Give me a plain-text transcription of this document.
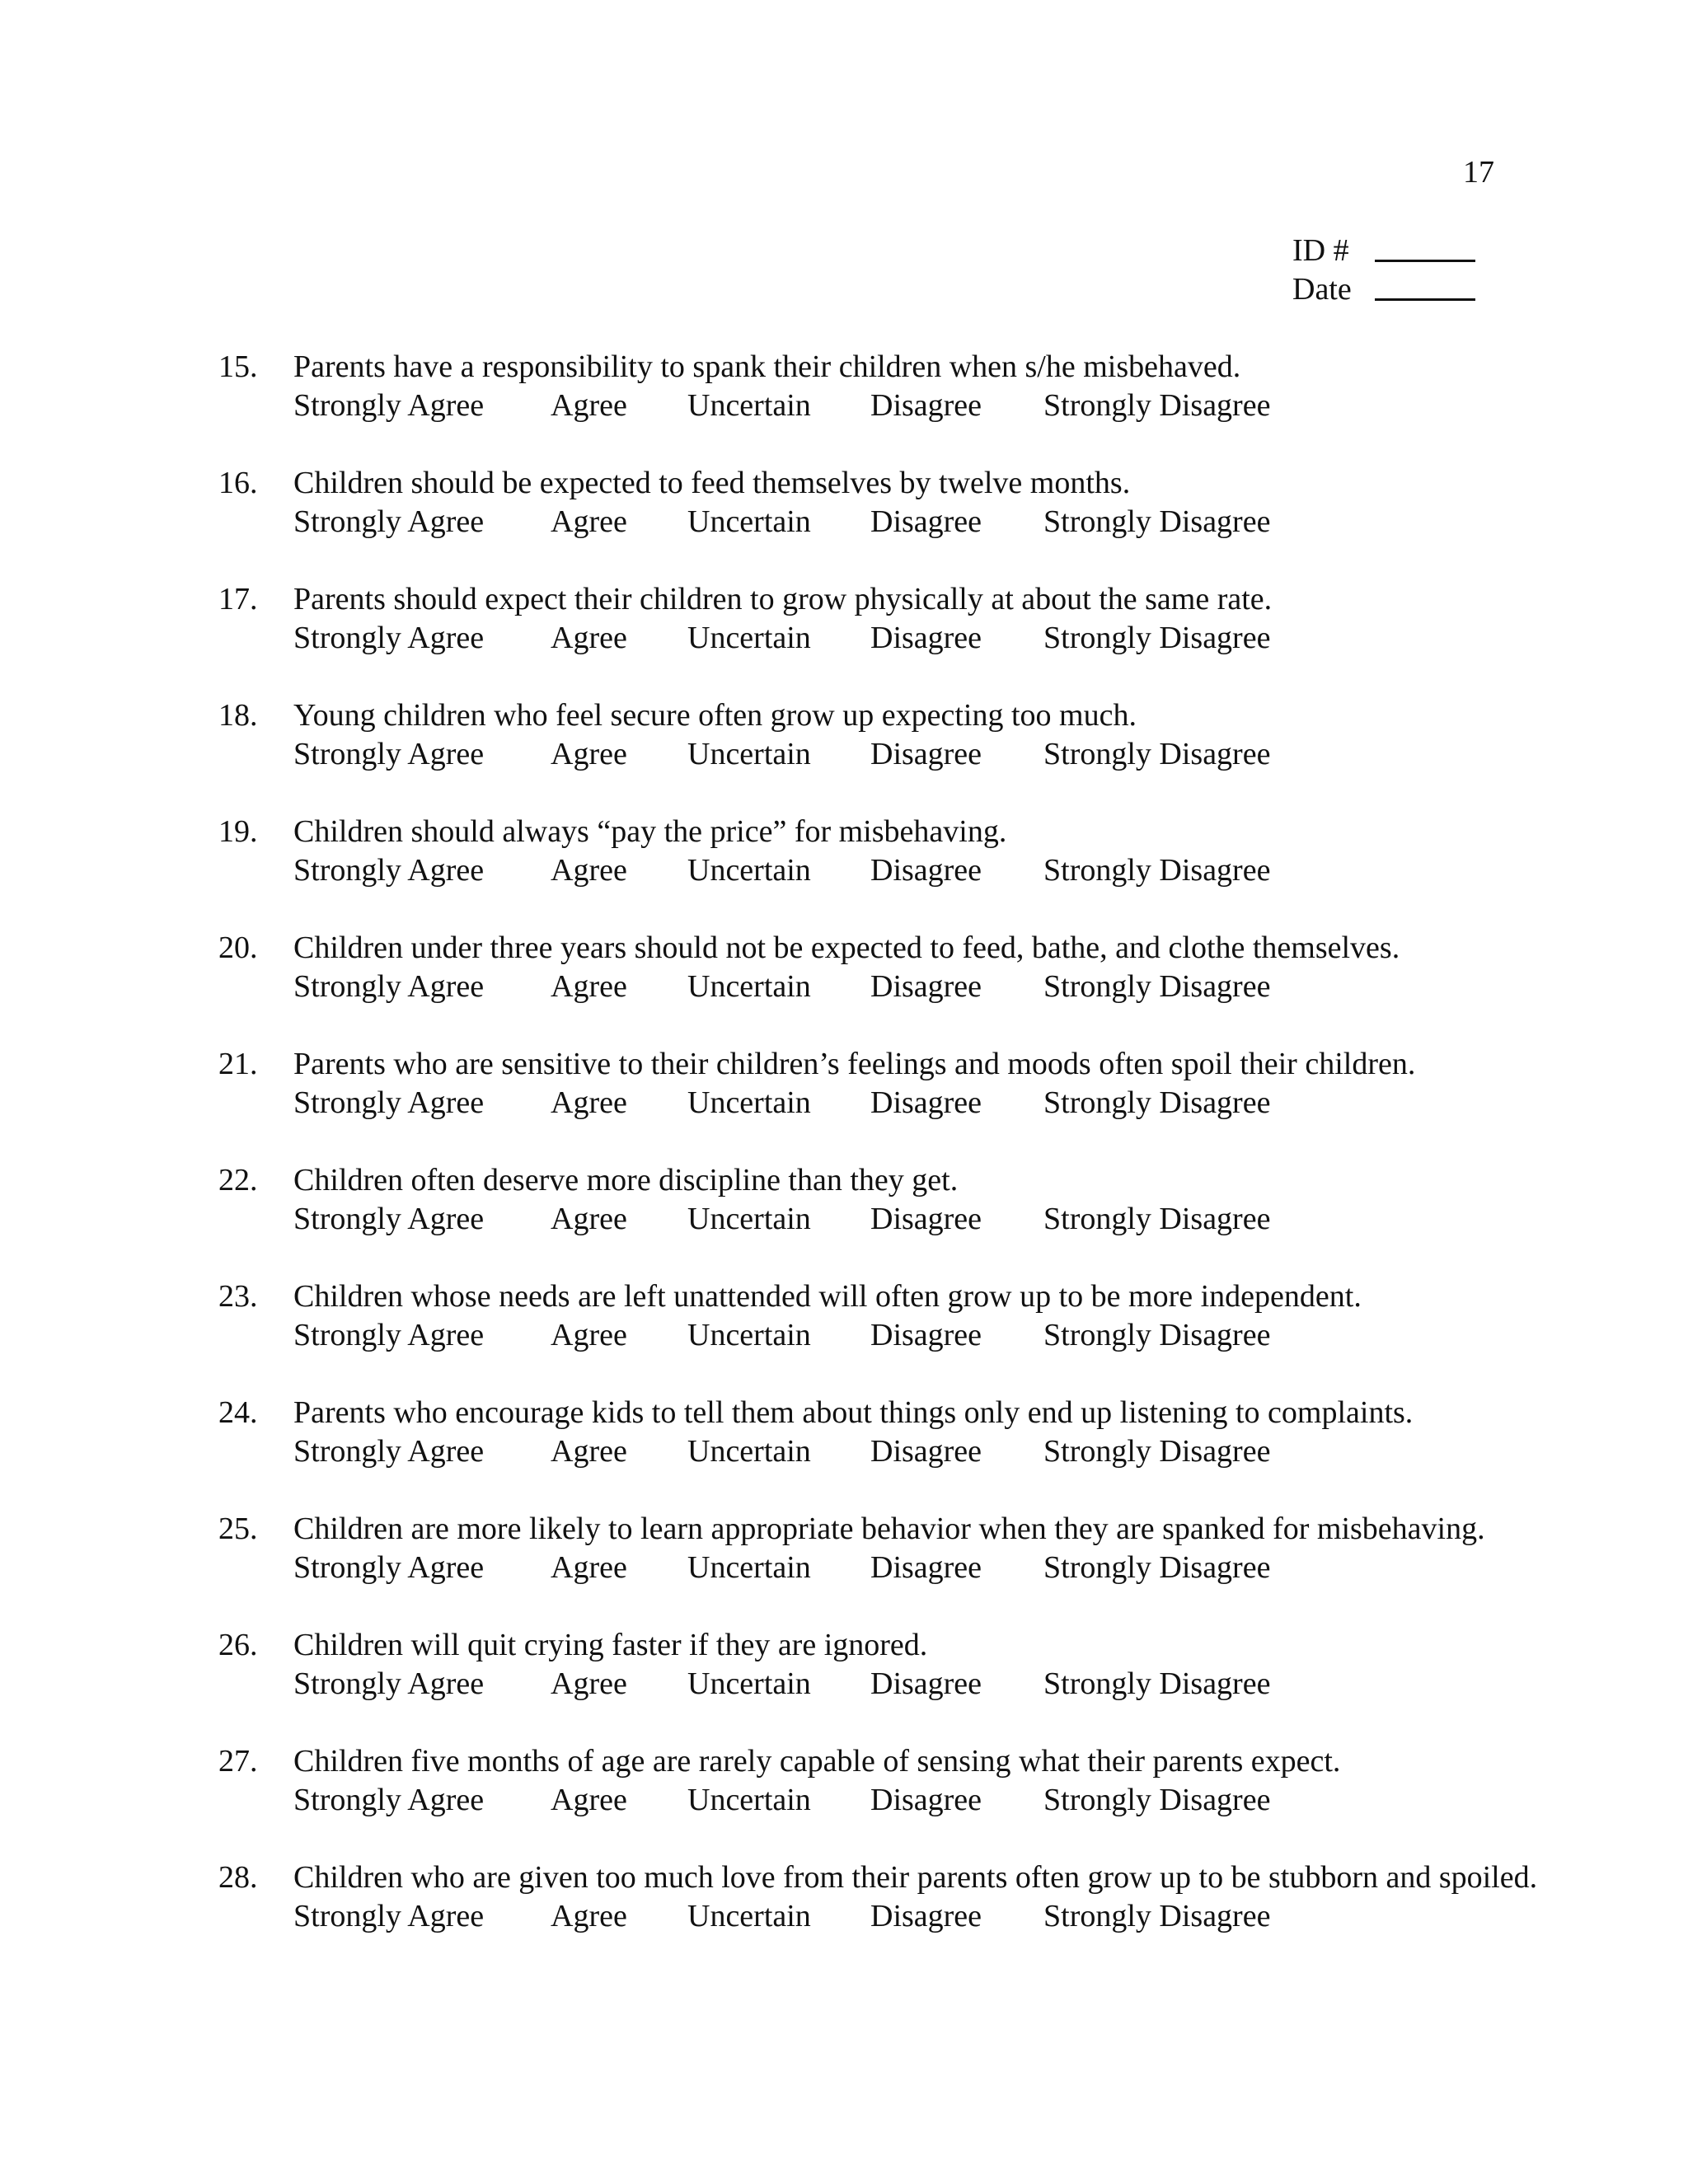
17
ID #
Date
15. Parents have a responsibility to spank their children when s/he misbehaved.
Strongly Agree Agree Uncertain Disagree Strongly Disagree
16. Children should be expected to feed themselves by twelve months.
Strongly Agree Agree Uncertain Disagree Strongly Disagree
17. Parents should expect their children to grow physically at about the same rate.
Strongly Agree Agree Uncertain Disagree Strongly Disagree
18. Young children who feel secure often grow up expecting too much.
Strongly Agree Agree Uncertain Disagree Strongly Disagree
19. Children should always “pay the price” for misbehaving.
Strongly Agree Agree Uncertain Disagree Strongly Disagree
20. Children under three years should not be expected to feed, bathe, and clothe themselves.
Strongly Agree Agree Uncertain Disagree Strongly Disagree
21. Parents who are sensitive to their children’s feelings and moods often spoil their children.
Strongly Agree Agree Uncertain Disagree Strongly Disagree
22. Children often deserve more discipline than they get.
Strongly Agree Agree Uncertain Disagree Strongly Disagree
23. Children whose needs are left unattended will often grow up to be more independent.
Strongly Agree Agree Uncertain Disagree Strongly Disagree
24. Parents who encourage kids to tell them about things only end up listening to complaints.
Strongly Agree Agree Uncertain Disagree Strongly Disagree
25. Children are more likely to learn appropriate behavior when they are spanked for misbehaving.
Strongly Agree Agree Uncertain Disagree Strongly Disagree
26. Children will quit crying faster if they are ignored.
Strongly Agree Agree Uncertain Disagree Strongly Disagree
27. Children five months of age are rarely capable of sensing what their parents expect.
Strongly Agree Agree Uncertain Disagree Strongly Disagree
28. Children who are given too much love from their parents often grow up to be stubborn and spoiled.
Strongly Agree Agree Uncertain Disagree Strongly Disagree
